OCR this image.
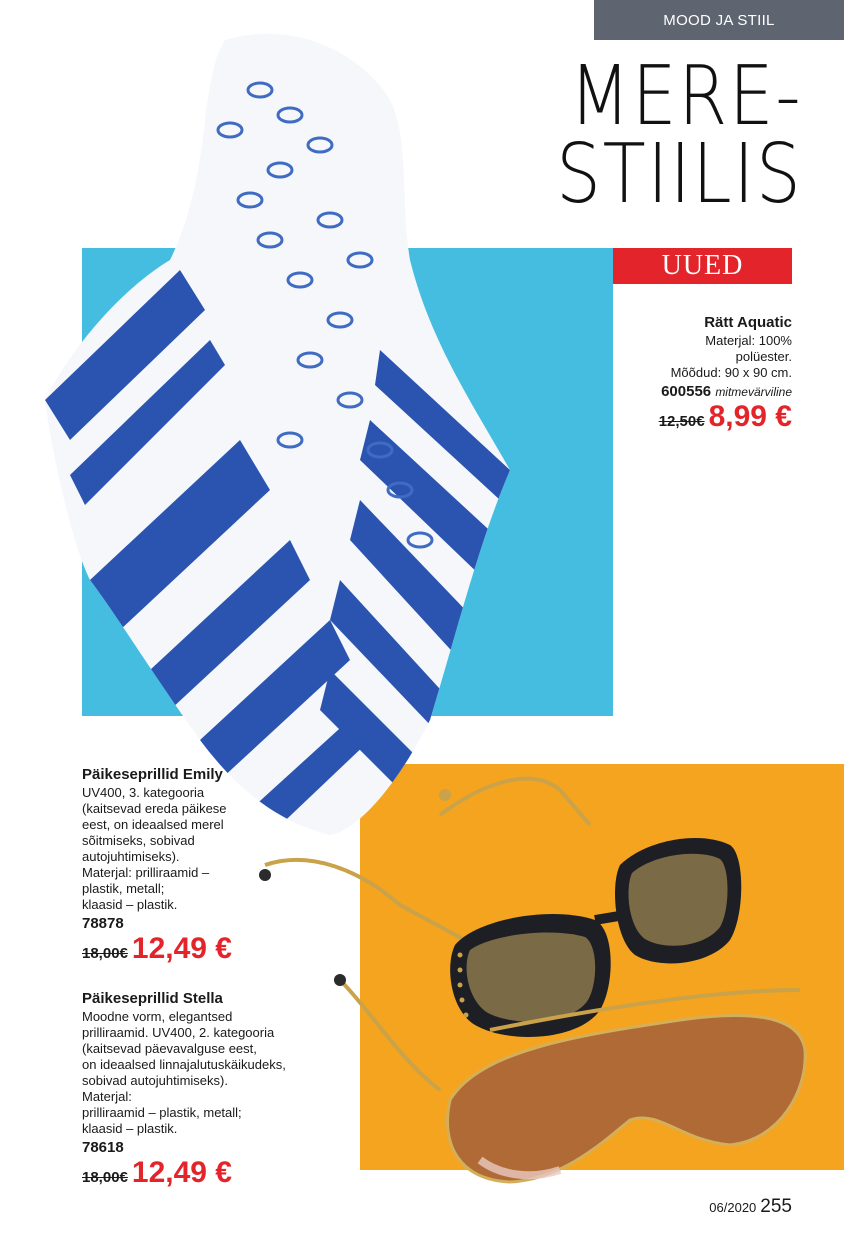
MOOD JA STIIL
MERE-
STIILIS
UUED
Rätt Aquatic
Materjal: 100%
polüester.
Mõõdud: 90 x 90 cm.
600556 mitmevärviline
12,50€ 8,99 €
Päikeseprillid Emily
UV400, 3. kategooria
(kaitsevad ereda päikese
eest, on ideaalsed merel
sõitmiseks, sobivad
autojuhtimiseks).
Materjal: prilliraamid –
plastik, metall;
klaasid – plastik.
78878
18,00€ 12,49 €
Päikeseprillid Stella
Moodne vorm, elegantsed
prilliraamid. UV400, 2. kategooria
(kaitsevad päevavalguse eest,
on ideaalsed linnajalutuskäikudeks,
sobivad autojuhtimiseks).
Materjal:
prilliraamid – plastik, metall;
klaasid – plastik.
78618
18,00€ 12,49 €
06/2020 255
